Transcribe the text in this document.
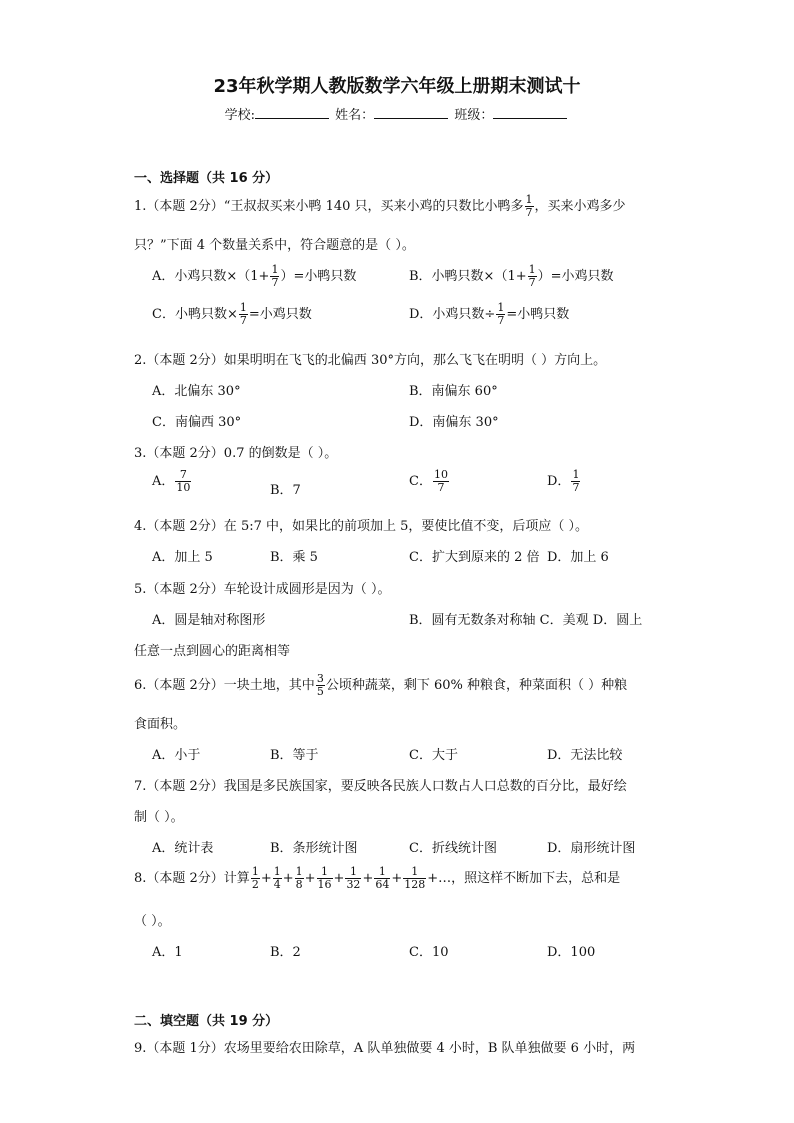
23年秋学期人教版数学六年级上册期末测试十
学校:	姓名：	班级：
一、选择题（共 16 分）
1.（本题 2分）“王叔叔买来小鸭 140 只，买来小鸡的只数比小鸭多 $\frac{1}{7}$ ，买来小鸡多少
只？”下面 4 个数量关系中，符合题意的是（ ）。
A．小鸡只数$\times(1+ \frac{1}{7}$ ）=小鸭只数	B．小鸭只数$\times(1+ \frac{1}{7}$ ）=小鸡只数
C．小鸭只数× $\frac{1}{7}$ =小鸡只数	D．小鸡只数÷ $\frac{1}{7}$ =小鸭只数
2.（本题 2分）如果明明在飞飞的北偏西 30°方向，那么飞飞在明明（ ）方向上。
A．北偏东 30°	B．南偏东 60°
C．南偏西 30°	D．南偏东 30°
3.（本题 2分）0.7 的倒数是（ ）。
A． $\frac{7}{10}$	B．7
C． $\frac{10}{7}$	D． $\frac{1}{7}$
4.（本题 2分）在 5:7 中，如果比的前项加上 5，要使比值不变，后项应（ ）。
A．加上 5	B．乘 5	C．扩大到原来的 2 倍 D．加上 6
5.（本题 2分）车轮设计成圆形是因为（ ）。
A．圆是轴对称图形	B．圆有无数条对称轴 C．美观 D．圆上
任意一点到圆心的距离相等
6.（本题 2分）一块土地，其中 $\frac{3}{5}$ 公顷种蔬菜，剩下 60% 种粮食，种菜面积（ ）种粮
食面积。
A．小于	B．等于	C．大于	D．无法比较
7.（本题 2分）我国是多民族国家，要反映各民族人口数占人口总数的百分比，最好绘
制（ ）。
A．统计表	B．条形统计图	C．折线统计图	D．扇形统计图
8.（本题 2分）计算 $\frac{1}{2} + \frac{1}{4} + \frac{1}{8} + \frac{1}{16} + \frac{1}{32} + \frac{1}{64} + \frac{1}{128}$ +…，照这样不断加下去，总和是
（ ）。
A．1	B．2	C．10	D．100
二、填空题（共 19 分）
9.（本题 1分）农场里要给农田除草，A 队单独做要 4 小时，B 队单独做要 6 小时，两
